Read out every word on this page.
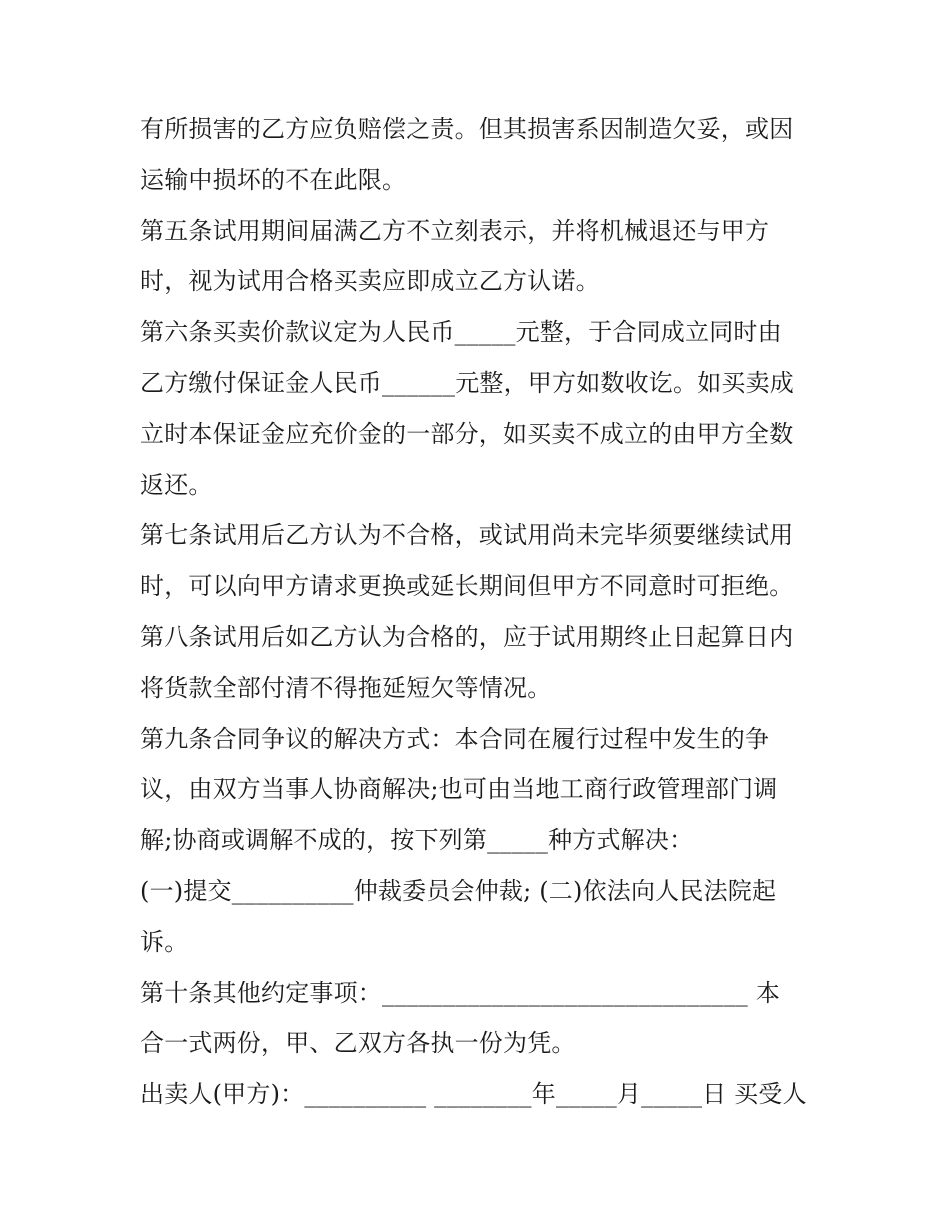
有所损害的乙方应负赔偿之责。但其损害系因制造欠妥，或因
运输中损坏的不在此限。
第五条试用期间届满乙方不立刻表示，并将机械退还与甲方
时，视为试用合格买卖应即成立乙方认诺。
第六条买卖价款议定为人民币_____元整，于合同成立同时由
乙方缴付保证金人民币______元整，甲方如数收讫。如买卖成
立时本保证金应充价金的一部分，如买卖不成立的由甲方全数
返还。
第七条试用后乙方认为不合格，或试用尚未完毕须要继续试用
时，可以向甲方请求更换或延长期间但甲方不同意时可拒绝。
第八条试用后如乙方认为合格的，应于试用期终止日起算日内
将货款全部付清不得拖延短欠等情况。
第九条合同争议的解决方式：本合同在履行过程中发生的争
议，由双方当事人协商解决;也可由当地工商行政管理部门调
解;协商或调解不成的，按下列第_____种方式解决：
(一)提交__________仲裁委员会仲裁; (二)依法向人民法院起
诉。
第十条其他约定事项：______________________________ 本
合一式两份，甲、乙双方各执一份为凭。
出卖人(甲方)：__________ ________年_____月_____日 买受人
